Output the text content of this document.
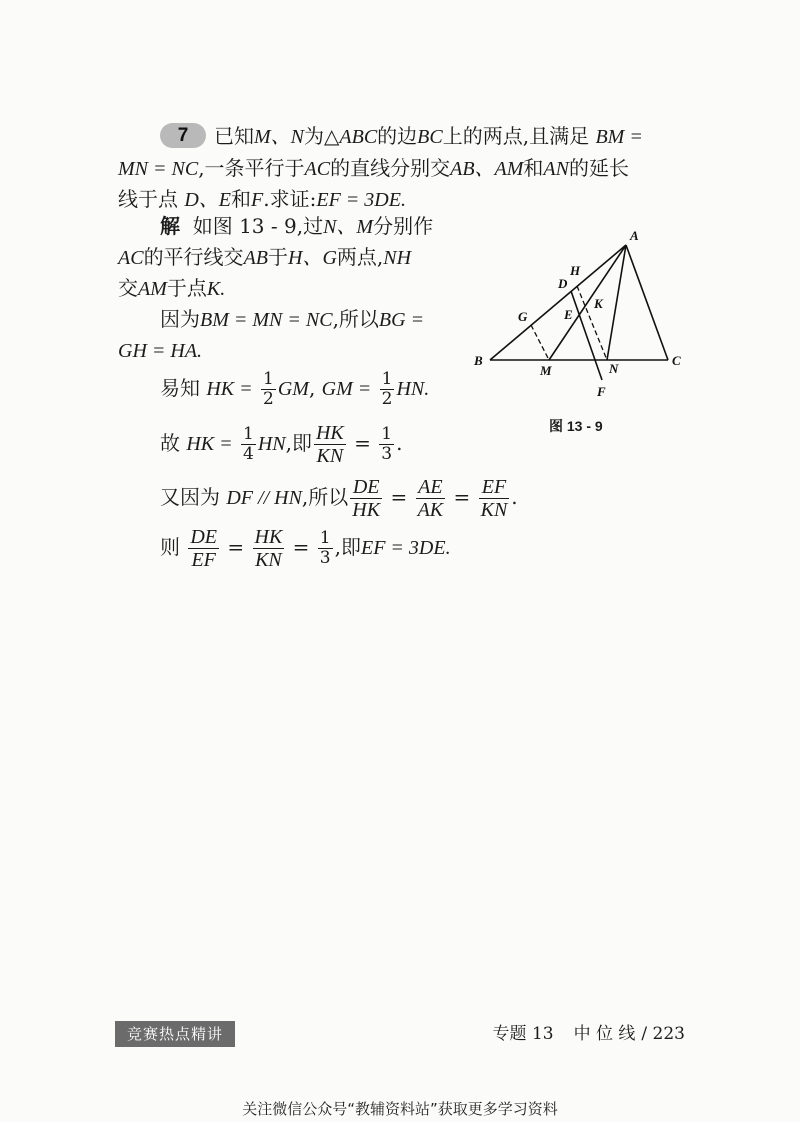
7 已知M、N为△ABC的边BC上的两点,且满足 BM =
MN = NC,一条平行于AC的直线分别交AB、AM和AN的延长
线于点 D、E和F.求证:EF = 3DE.
解 如图 13 - 9,过N、M分别作
AC的平行线交AB于H、G两点,NH
交AM于点K.
因为BM = MN = NC,所以BG =
GH = HA.
易知 HK = $\frac{1}{2}$ GM, GM = $\frac{1}{2}$ HN.
故 HK = $\frac{1}{4}$ HN,即 $\frac{HK}{KN} = \frac{1}{3}$ .
又因为 DF // HN,所以 $\frac{DE}{HK} = \frac{AE}{AK} = \frac{EF}{KN}$ .
则 $\frac{DE}{EF} = \frac{HK}{KN} = \frac{1}{3}$ ,即EF = 3DE.
A
B	C
D
E
F
G
H
K
M	N
图 13 - 9
竞赛热点精讲	专题 13 中 位 线 / 223
关注微信公众号“教辅资料站”获取更多学习资料
